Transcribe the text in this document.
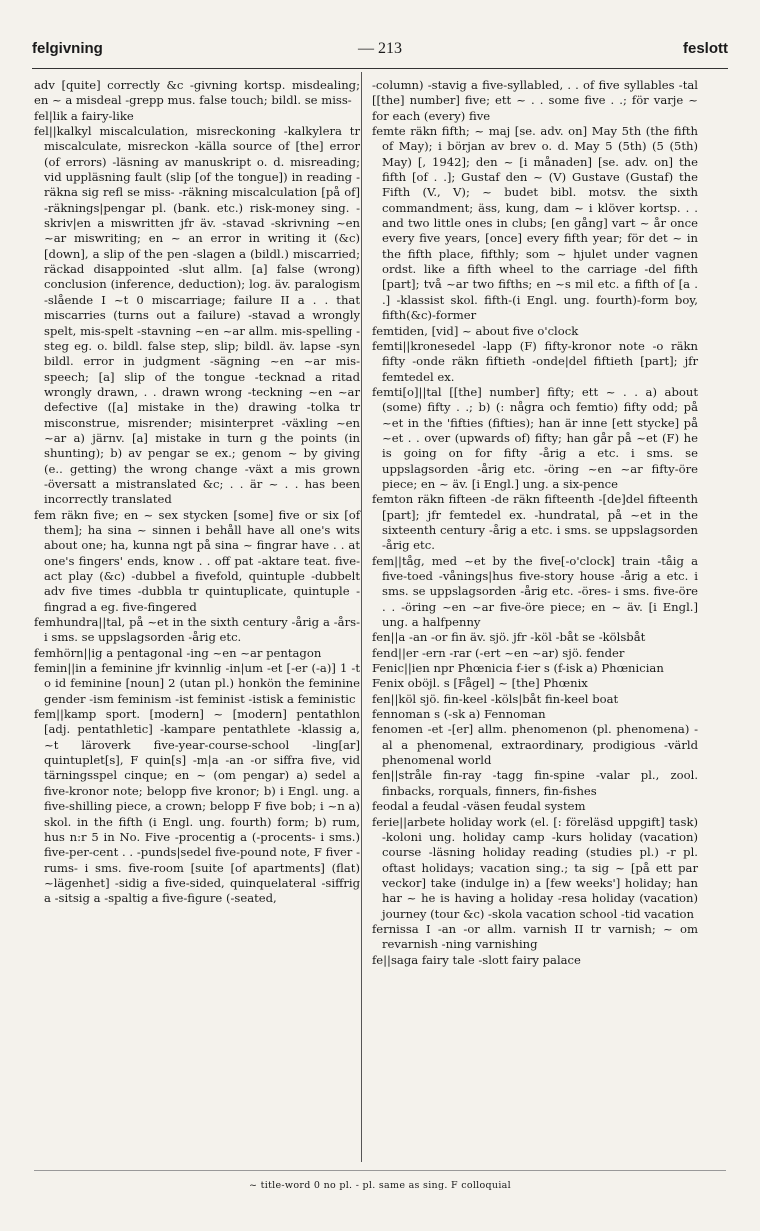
felgivning
—	213	feslott

adv [quite] correctly &c -givning kortsp. misdealing; en ~ a misdeal -grepp mus. false touch; bildl. se miss-

fel|lik a fairy-like

fel||kalkyl miscalculation, misreckoning -kalkylera tr miscalculate, misreckon -källa source of [the] error (of errors) -läsning av manuskript o. d. misreading; vid uppläsning fault (slip [of the tongue]) in reading -räkna sig refl se miss- -räkning miscalculation [på of] -räknings|pengar pl. (bank. etc.) risk-money sing. -skriv|en a miswritten jfr äv. -stavad -skrivning ~en ~ar miswriting; en ~ an error in writing it (&c) [down], a slip of the pen -slagen a (bildl.) miscarried; räckad disappointed -slut allm. [a] false (wrong) conclusion (inference, deduction); log. äv. paralogism -slående I ~t 0 miscarriage; failure II a . . that miscarries (turns out a failure) -stavad a wrongly spelt, mis-spelt -stavning ~en ~ar allm. mis-spelling -steg eg. o. bildl. false step, slip; bildl. äv. lapse -syn bildl. error in judgment -sägning ~en ~ar mis-speech; [a] slip of the tongue -tecknad a ritad wrongly drawn, . . drawn wrong -teckning ~en ~ar defective ([a] mistake in the) drawing -tolka tr misconstrue, misrender; misinterpret -växling ~en ~ar a) järnv. [a] mistake in turn g the points (in shunting); b) av pengar se ex.; genom ~ by giving (e.. getting) the wrong change -växt a mis grown -översatt a mistranslated &c; . . är ~ . . has been incorrectly translated

fem räkn five; en ~ sex stycken [some] five or six [of them]; ha sina ~ sinnen i behåll have all one's wits about one; ha, kunna ngt på sina ~ fingrar have . . at one's fingers' ends, know . . off pat -aktare teat. five-act play (&c) -dubbel a fivefold, quintuple -dubbelt adv five times -dubbla tr quintuplicate, quintuple -fingrad a eg. five-fingered

femhundra||tal, på ~et in the sixth century -årig a -års- i sms. se uppslagsorden -årig etc.

femhörn||ig a pentagonal -ing ~en ~ar pentagon

femin||in a feminine jfr kvinnlig -in|um -et [-er (-a)] 1 -t o id feminine [noun] 2 (utan pl.) honkön the feminine gender -ism feminism -ist feminist -istisk a feministic

fem||kamp sport. [modern] ~ [modern] pentathlon [adj. pentathletic] -kampare pentathlete -klassig a, ~t läroverk five-year-course-school -ling[ar] quintuplet[s], F quin[s] -m|a -an -or siffra five, vid tärningsspel cinque; en ~ (om pengar) a) sedel a five-kronor note; belopp five kronor; b) i Engl. ung. a five-shilling piece, a crown; belopp F five bob; i ~n a) skol. in the fifth (i Engl. ung. fourth) form; b) rum, hus n:r 5 in No. Five -procentig a (-procents- i sms.) five-per-cent . . -punds|sedel five-pound note, F fiver -rums- i sms. five-room [suite [of apartments] (flat) ~lägenhet] -sidig a five-sided, quinquelateral -siffrig a -sitsig a -spaltig a five-figure (-seated,

-column) -stavig a five-syllabled, . . of five syllables -tal [[the] number] five; ett ~ . . some five . .; för varje ~ for each (every) five

femte räkn fifth; ~ maj [se. adv. on] May 5th (the fifth of May); i början av brev o. d. May 5 (5th) (5 (5th) May) [, 1942]; den ~ [i månaden] [se. adv. on] the fifth [of . .]; Gustaf den ~ (V) Gustave (Gustaf) the Fifth (V., V); ~ budet bibl. motsv. the sixth commandment; äss, kung, dam ~ i klöver kortsp. . . and two little ones in clubs; [en gång] vart ~ år once every five years, [once] every fifth year; för det ~ in the fifth place, fifthly; som ~ hjulet under vagnen ordst. like a fifth wheel to the carriage -del fifth [part]; två ~ar two fifths; en ~s mil etc. a fifth of [a . .] -klassist skol. fifth-(i Engl. ung. fourth)-form boy, fifth(&c)-former

femtiden, [vid] ~ about five o'clock

femti||kronesedel -lapp (F) fifty-kronor note -o räkn fifty -onde räkn fiftieth -onde|del fiftieth [part]; jfr femtedel ex.

femti[o]||tal [[the] number] fifty; ett ~ . . a) about (some) fifty . .; b) (: några och femtio) fifty odd; på ~et in the 'fifties (fifties); han är inne [ett stycke] på ~et . . over (upwards of) fifty; han går på ~et (F) he is going on for fifty -årig a etc. i sms. se uppslagsorden -årig etc. -öring ~en ~ar fifty-öre piece; en ~ äv. [i Engl.] ung. a six-pence

femton räkn fifteen -de räkn fifteenth -[de]del fifteenth [part]; jfr femtedel ex. -hundratal, på ~et in the sixteenth century -årig a etc. i sms. se uppslagsorden -årig etc.

fem||tåg, med ~et by the five[-o'clock] train -tåig a five-toed -vånings|hus five-story house -årig a etc. i sms. se uppslagsorden -årig etc. -öres- i sms. five-öre . . -öring ~en ~ar five-öre piece; en ~ äv. [i Engl.] ung. a halfpenny

fen||a -an -or fin äv. sjö. jfr -köl -båt se -kölsbåt

fend||er -ern -rar (-ert ~en ~ar) sjö. fender

Fenic||ien npr Phœnicia f-ier s (f-isk a) Phœnician

Fenix oböjl. s [Fågel] ~ [the] Phœnix

fen||köl sjö. fin-keel -köls|båt fin-keel boat

fennoman s (-sk a) Fennoman

fenomen -et -[er] allm. phenomenon (pl. phenomena) -al a phenomenal, extraordinary, prodigious -värld phenomenal world

fen||stråle fin-ray -tagg fin-spine -valar pl., zool. finbacks, rorquals, finners, fin-fishes

feodal a feudal -väsen feudal system

ferie||arbete holiday work (el. [: föreläsd uppgift] task) -koloni ung. holiday camp -kurs holiday (vacation) course -läsning holiday reading (studies pl.) -r pl. oftast holidays; vacation sing.; ta sig ~ [på ett par veckor] take (indulge in) a [few weeks'] holiday; han har ~ he is having a holiday -resa holiday (vacation) journey (tour &c) -skola vacation school -tid vacation

fernissa I -an -or allm. varnish II tr varnish; ~ om revarnish -ning varnishing

fe||saga fairy tale -slott fairy palace

~ title-word 0 no pl. - pl. same as sing. F colloquial
